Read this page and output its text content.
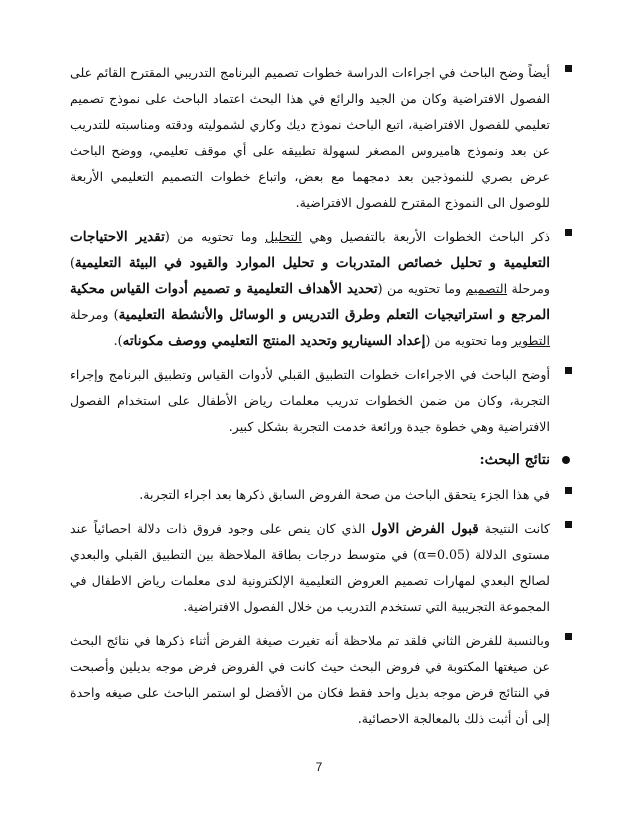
أيضاً وضح الباحث في اجراءات الدراسة خطوات تصميم البرنامج التدريبي المقترح القائم على الفصول الافتراضية وكان من الجيد والرائع في هذا البحث اعتماد الباحث على نموذج تصميم تعليمي للفصول الافتراضية، اتبع الباحث نموذج ديك وكاري لشموليته ودقته ومناسبته للتدريب عن بعد ونموذج هاميروس المصغر لسهولة تطبيقه على أي موقف تعليمي، ووضح الباحث عرض بصري للنموذجين بعد دمجهما مع بعض، واتباع خطوات التصميم التعليمي الأربعة للوصول الى النموذج المقترح للفصول الافتراضية.

ذكر الباحث الخطوات الأربعة بالتفصيل وهي التحليل وما تحتويه من (تقدير الاحتياجات التعليمية و تحليل خصائص المتدربات و تحليل الموارد والقيود في البيئة التعليمية) ومرحلة التصميم وما تحتويه من (تحديد الأهداف التعليمية و تصميم أدوات القياس محكية المرجع و استراتيجيات التعلم وطرق التدريس و الوسائل والأنشطة التعليمية) ومرحلة التطوير وما تحتويه من (إعداد السيناريو وتحديد المنتج التعليمي ووصف مكوناته).

أوضح الباحث في الاجراءات خطوات التطبيق القبلي لأدوات القياس وتطبيق البرنامج وإجراء التجربة، وكان من ضمن الخطوات تدريب معلمات رياض الأطفال على استخدام الفصول الافتراضية وهي خطوة جيدة ورائعة خدمت التجربة بشكل كبير.

نتائج البحث:

في هذا الجزء يتحقق الباحث من صحة الفروض السابق ذكرها بعد اجراء التجربة.

كانت النتيجة قبول الفرض الاول الذي كان ينص على وجود فروق ذات دلالة احصائياً عند مستوى الدلالة (α=0.05) في متوسط درجات بطاقة الملاحظة بين التطبيق القبلي والبعدي لصالح البعدي لمهارات تصميم العروض التعليمية الإلكترونية لدى معلمات رياض الاطفال في المجموعة التجريبية التي تستخدم التدريب من خلال الفصول الافتراضية.

وبالنسبة للفرض الثاني فلقد تم ملاحظة أنه تغيرت صيغة الفرض أثناء ذكرها في نتائج البحث عن صيغتها المكتوبة في فروض البحث حيث كانت في الفروض فرض موجه بديلين وأصبحت في النتائج فرض موجه بديل واحد فقط فكان من الأفضل لو استمر الباحث على صيغه واحدة إلى أن أثبت ذلك بالمعالجة الاحصائية.

7
